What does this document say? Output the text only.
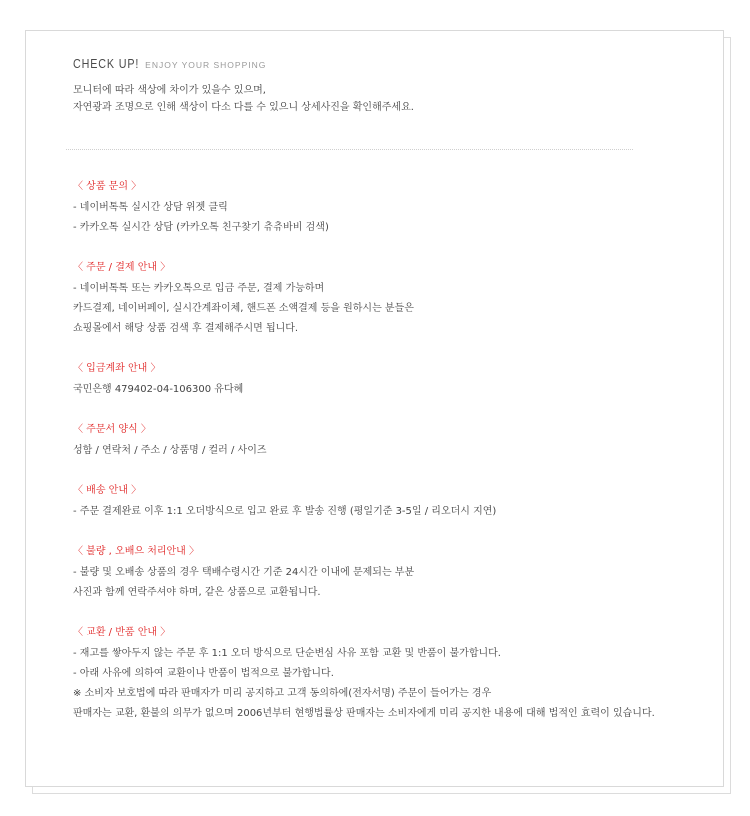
CHECK UP! ENJOY YOUR SHOPPING
모니터에 따라 색상에 차이가 있을수 있으며,
자연광과 조명으로 인해 색상이 다소 다를 수 있으니 상세사진을 확인해주세요.
〈 상품 문의 〉
- 네이버톡톡 실시간 상담 위젯 클릭
- 카카오톡 실시간 상담 (카카오톡 친구찾기 츄츄바비 검색)
〈 주문 / 결제 안내 〉
- 네이버톡톡 또는 카카오톡으로 입금 주문, 결제 가능하며
카드결제, 네이버페이, 실시간계좌이체, 핸드폰 소액결제 등을 원하시는 분들은
쇼핑몰에서 해당 상품 검색 후 결제해주시면 됩니다.
〈 입금계좌 안내 〉
국민은행 479402-04-106300 유다혜
〈 주문서 양식 〉
성함 / 연락처 / 주소 / 상품명 / 컬러 / 사이즈
〈 배송 안내 〉
- 주문 결제완료 이후 1:1 오더방식으로 입고 완료 후 발송 진행 (평일기준 3-5일 / 리오더시 지연)
〈 불량 , 오배으 처리안내 〉
- 불량 및 오배송 상품의 경우 택배수령시간 기준 24시간 이내에 문제되는 부분
사진과 함께 연락주셔야 하며, 같은 상품으로 교환됩니다.
〈 교환 / 반품 안내 〉
- 재고를 쌓아두지 않는 주문 후 1:1 오더 방식으로 단순변심 사유 포함 교환 및 반품이 불가합니다.
- 아래 사유에 의하여 교환이나 반품이 법적으로 불가합니다.
※ 소비자 보호법에 따라 판매자가 미리 공지하고 고객 동의하에(전자서명) 주문이 들어가는 경우
판매자는 교환, 환불의 의무가 없으며 2006년부터 현행법률상 판매자는 소비자에게 미리 공지한 내용에 대해 법적인 효력이 있습니다.
